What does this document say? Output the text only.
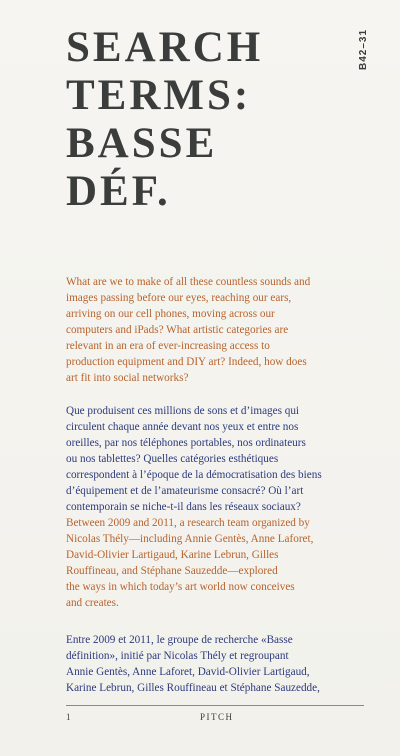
SEARCH
TERMS:
BASSE
DÉF.
B42–31

What are we to make of all these countless sounds and
images passing before our eyes, reaching our ears,
arriving on our cell phones, moving across our
computers and iPads? What artistic categories are
relevant in an era of ever-increasing access to
production equipment and DIY art? Indeed, how does
art fit into social networks?

Que produisent ces millions de sons et d’images qui
circulent chaque année devant nos yeux et entre nos
oreilles, par nos téléphones portables, nos ordinateurs
ou nos tablettes? Quelles catégories esthétiques
correspondent à l’époque de la démocratisation des biens
d’équipement et de l’amateurisme consacré? Où l’art
contemporain se niche-t-il dans les réseaux sociaux?

Between 2009 and 2011, a research team organized by
Nicolas Thély—including Annie Gentès, Anne Laforet,
David-Olivier Lartigaud, Karine Lebrun, Gilles
Rouffineau, and Stéphane Sauzedde—explored
the ways in which today’s art world now conceives
and creates.

Entre 2009 et 2011, le groupe de recherche «Basse
définition», initié par Nicolas Thély et regroupant
Annie Gentès, Anne Laforet, David-Olivier Lartigaud,
Karine Lebrun, Gilles Rouffineau et Stéphane Sauzedde,

1	PITCH
